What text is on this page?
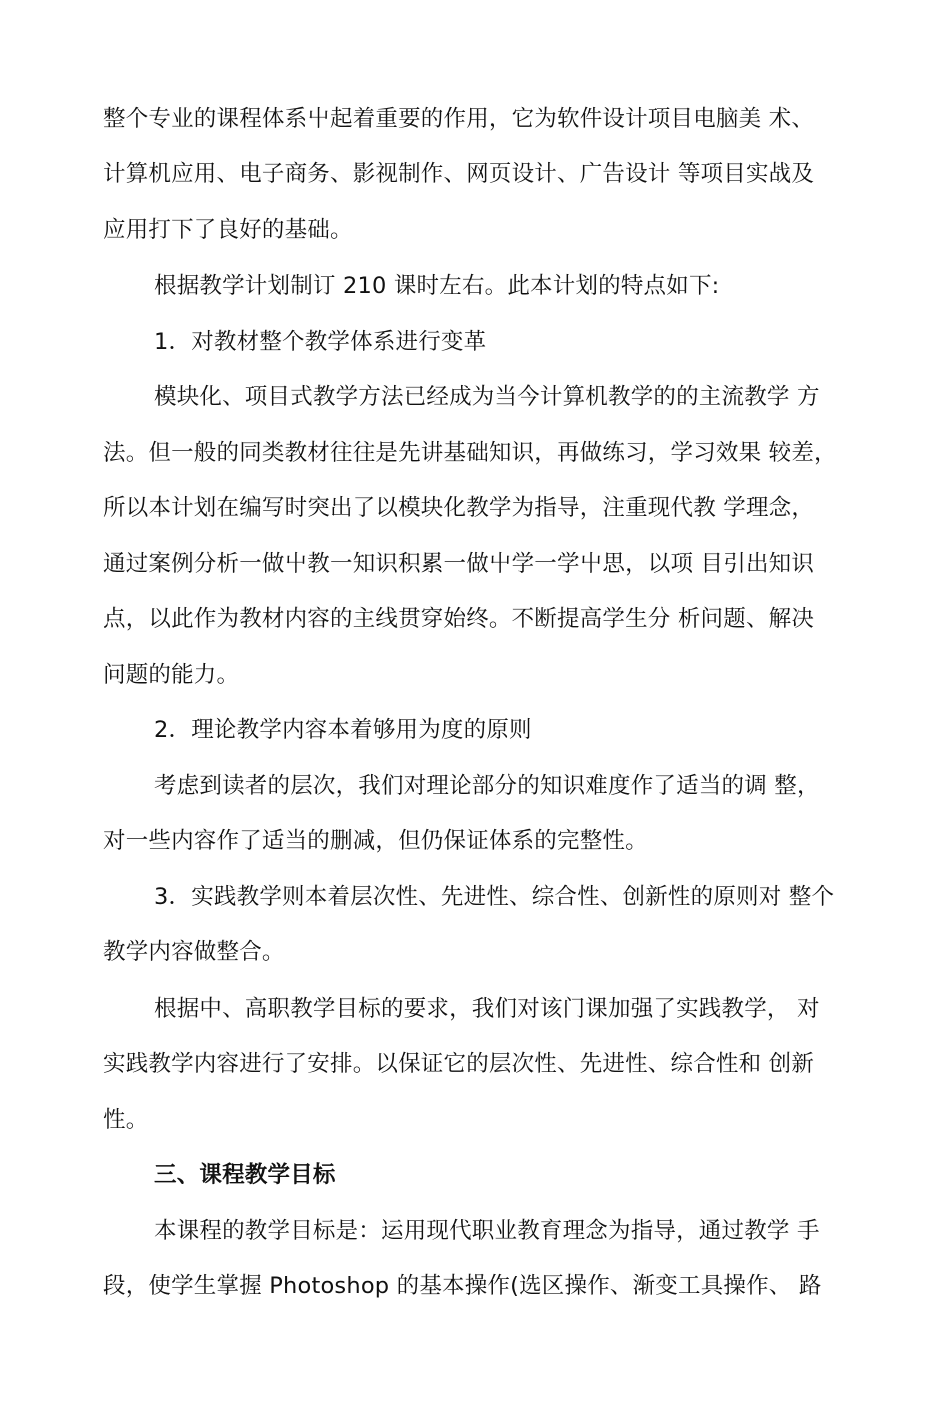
整个专业的课程体系屮起着重要的作用，它为软件设计项目电脑美 术、
计算机应用、电子商务、影视制作、网页设计、广告设计 等项目实战及
应用打下了良好的基础。
根据教学计划制订 210 课时左右。此本计划的特点如下:
1．对教材整个教学体系进行变革
模块化、项目式教学方法已经成为当今计算机教学的的主流教学 方
法。但一般的同类教材往往是先讲基础知识，再做练习，学习效果 较差，
所以本计划在编写时突出了以模块化教学为指导，注重现代教 学理念，
通过案例分析一做屮教一知识积累一做屮学一学屮思，以项 目引出知识
点，以此作为教材内容的主线贯穿始终。不断提高学生分 析问题、解决
问题的能力。
2．理论教学内容本着够用为度的原则
考虑到读者的层次，我们对理论部分的知识难度作了适当的调 整，
对一些内容作了适当的删减，但仍保证体系的完整性。
3．实践教学则本着层次性、先进性、综合性、创新性的原则对 整个
教学内容做整合。
根据中、高职教学目标的要求，我们对该门课加强了实践教学， 对
实践教学内容进行了安排。以保证它的层次性、先进性、综合性和 创新
性。
三、课程教学目标
本课程的教学目标是：运用现代职业教育理念为指导，通过教学 手
段，使学生掌握 Photoshop 的基本操作(选区操作、渐变工具操作、 路
